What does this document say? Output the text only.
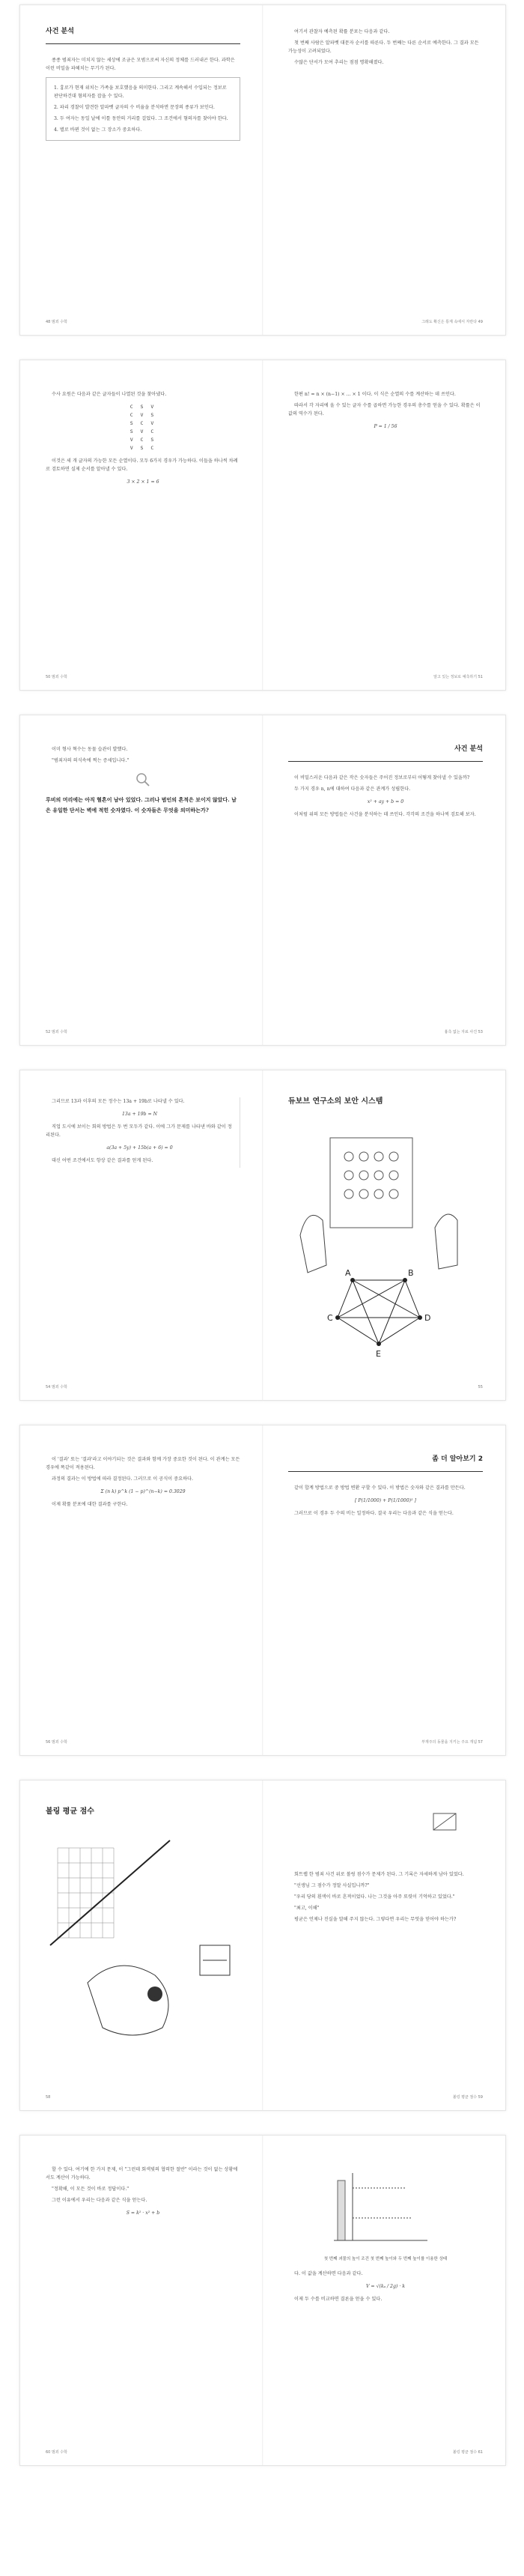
사건 분석

종종 범죄자는 미치지 않는 세상에 조금은 모범으로써 자신의 정체를 드러내곤 한다. 과학은 이런 비밀을 파헤치는 무기가 된다.

1. 흉로가 현재 위치는 가족을 보호했음을 의미한다. 그리고 계속해서 수입되는 정보로 판단하건대 혐의자를 잡을 수 있다.
2. 파리 경찰이 발견한 알파벳 글자의 수 비율을 분석하면 문장의 종류가 보인다.
3. 두 여자는 동일 날에 이틀 동안의 거리를 걸었다. 그 조건에서 혐의자를 찾아야 한다.
4. 별로 바뀐 것이 없는 그 장소가 중요하다.
48 범죄 수학

여기서 관찰자 예측된 확률 분포는 다음과 같다.

첫 번째 사람은 알파벳 대문자 순서를 따른다. 두 번째는 다른 순서로 예측한다. 그 결과 모든 가능성이 고려되었다.

수많은 단서가 모여 추리는 점점 명확해졌다.

그래도 확신은 통계 속에서 자란다 49

수사 요원은 다음과 같은 글자들이 나열된 것을 찾아냈다.

C S V
C V S
S C V
S V C
V C S
V S C

이것은 세 개 글자의 가능한 모든 순열이다. 모두 6가지 경우가 가능하다. 이들을 하나씩 차례로 검토하면 실제 순서를 알아낼 수 있다.

3 × 2 × 1 = 6
50 범죄 수학

한편 n! = n × (n−1) × ... × 1 이다. 이 식은 순열의 수를 계산하는 데 쓰인다.

따라서 각 자리에 올 수 있는 글자 수를 곱하면 가능한 경우의 총수를 얻을 수 있다. 확률은 이 값의 역수가 된다.

P = 1 / 56
알고 있는 정보로 예측하기 51

이미 형사 혁수는 동물 습관이 발했다.

"범죄자의 의식속에 찍는 증세입니다."

루비의 머리에는 아직 혈흔이 남아 있었다. 그러나 범인의 흔적은 보이지 않았다. 남은 유일한 단서는 벽에 적힌 숫자였다. 이 숫자들은 무엇을 의미하는가?
52 범죄 수학
사건 분석

이 비밀스러운 다음과 같은 작은 숫자들은 주어진 정보로부터 어떻게 찾아낼 수 있을까?

두 가지 경우 n, n에 대하여 다음과 같은 관계가 성립한다.

x² + ay + b = 0

이처럼 위의 모든 방법들은 사건을 분석하는 데 쓰인다. 각각의 조건을 하나씩 검토해 보자.

흉측 없는 자료 사건 53

그리므로 13과 이후의 모든 정수는 13a + 19b로 나타낼 수 있다.

13a + 19b = N

직업 도시에 보이는 회의 방법은 두 번 모두가 같다. 이에 그가 문제를 나타낸 바와 같이 정리된다.

a(3a + 5y) + 15b(a + 6) = 0

대신 어떤 조건에서도 항상 같은 결과를 얻게 된다.

54 범죄 수학
듀보브 연구소의 보안 시스템
A	B
C	D
E
55

이 '결과' 또는 '결과'라고 이야기되는 것은 결과와 함께 가장 중요한 것이 된다. 이 관계는 모든 경우에 똑같이 적용된다.

과정의 결과는 이 방법에 따라 결정된다. 그러므로 이 공식이 중요하다.

Σ (n k) p^k (1 − p)^(n−k) = 0.3029

이제 확률 분포에 대한 결과를 구한다.

56 범죄 수학
좀 더 알아보기 2

같이 합계 방법으로 중 방법 변환 구할 수 있다. 이 방법은 숫자와 같은 결과를 만든다.

[ P(1/1000) + P(1/1000)² ]

그러므로 이 경우 두 수의 비는 일정하다. 결국 우리는 다음과 같은 식을 얻는다.

부재주의 동물을 지키는 주요 개념 57
볼링 평균 점수
58

회트랩 한 범죄 사건 위로 볼링 점수가 문제가 된다. 그 기록은 자세하게 남아 있었다.

"선생님 그 점수가 정말 사실입니까?"

"우리 당의 흰색이 바로 흔적이었다. 나는 그것을 아주 또렷이 기억하고 있었다."

"최고, 이해"

평균은 언제나 진실을 말해 주지 않는다. 그렇다면 우리는 무엇을 믿어야 하는가?

볼링 평균 점수 59

할 수 있다. 여기에 한 가지 문제, 이 "그런데 회색빛의 협력한 절반" 이라는 것이 없는 상황에서도 계산이 가능하다.

"정확해, 이 모든 것이 바로 정답이다."

그런 이유에서 우리는 다음과 같은 식을 얻는다.

S = k² · x² + b
60 범죄 수학
첫 번째 괴물의 높이 조건 첫 번째 높이와 두 번째 높이를 이용한 상태

다. 이 값을 계산하면 다음과 같다.

V = √(kₐ / 2g) · k

이제 두 수를 비교하면 결론을 얻을 수 있다.

볼링 평균 점수 61
